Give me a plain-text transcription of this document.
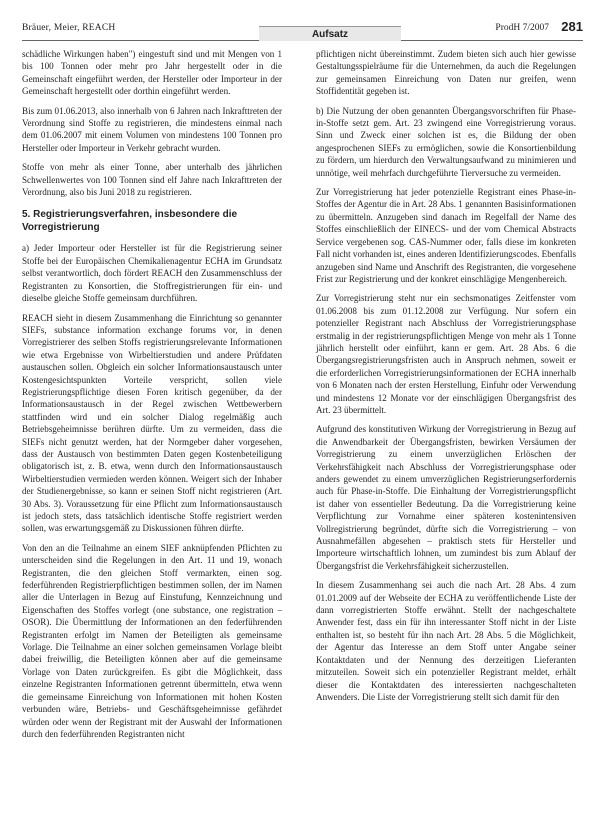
Bräuer, Meier, REACH
Aufsatz
ProdH 7/2007 281

schädliche Wirkungen haben") eingestuft sind und mit Mengen von 1 bis 100 Tonnen oder mehr pro Jahr hergestellt oder in die Gemeinschaft eingeführt werden, der Hersteller oder Importeur in der Gemeinschaft hergestellt oder dorthin eingeführt werden.

Bis zum 01.06.2013, also innerhalb von 6 Jahren nach Inkrafttreten der Verordnung sind Stoffe zu registrieren, die mindestens einmal nach dem 01.06.2007 mit einem Volumen von mindestens 100 Tonnen pro Hersteller oder Importeur in Verkehr gebracht wurden.

Stoffe von mehr als einer Tonne, aber unterhalb des jährlichen Schwellenwertes von 100 Tonnen sind elf Jahre nach Inkrafttreten der Verordnung, also bis Juni 2018 zu registrieren.

5. Registrierungsverfahren, insbesondere die Vorregistrierung

a) Jeder Importeur oder Hersteller ist für die Registrierung seiner Stoffe bei der Europäischen Chemikalienagentur ECHA im Grundsatz selbst verantwortlich, doch fördert REACH den Zusammenschluss der Registranten zu Konsortien, die Stoffregistrierungen für ein- und dieselbe gleiche Stoffe gemeinsam durchführen.

REACH sieht in diesem Zusammenhang die Einrichtung so genannter SIEFs, substance information exchange forums vor, in denen Vorregistrierer des selben Stoffs registrierungsrelevante Informationen wie etwa Ergebnisse von Wirbeltierstudien und andere Prüfdaten austauschen sollen. Obgleich ein solcher Informationsaustausch unter Kostengesichtspunkten Vorteile verspricht, sollen viele Registrierungspflichtige diesen Foren kritisch gegenüber, da der Informationsaustausch in der Regel zwischen Wettbewerbern stattfinden wird und ein solcher Dialog regelmäßig auch Betriebsgeheimnisse berühren dürfte. Um zu vermeiden, dass die SIEFs nicht genutzt werden, hat der Normgeber daher vorgesehen, dass der Austausch von bestimmten Daten gegen Kostenbeteiligung obligatorisch ist, z. B. etwa, wenn durch den Informationsaustausch Wirbeltierstudien vermieden werden können. Weigert sich der Inhaber der Studienergebnisse, so kann er seinen Stoff nicht registrieren (Art. 30 Abs. 3). Voraussetzung für eine Pflicht zum Informationsaustausch ist jedoch stets, dass tatsächlich identische Stoffe registriert werden sollen, was erwartungsgemäß zu Diskussionen führen dürfte.

Von den an die Teilnahme an einem SIEF anknüpfenden Pflichten zu unterscheiden sind die Regelungen in den Art. 11 und 19, wonach Registranten, die den gleichen Stoff vermarkten, einen sog. federführenden Registrierpflichtigen bestimmen sollen, der im Namen aller die Unterlagen in Bezug auf Einstufung, Kennzeichnung und Eigenschaften des Stoffes vorlegt (one substance, one registration – OSOR). Die Übermittlung der Informationen an den federführenden Registranten erfolgt im Namen der Beteiligten als gemeinsame Vorlage. Die Teilnahme an einer solchen gemeinsamen Vorlage bleibt dabei freiwillig, die Beteiligten können aber auf die gemeinsame Vorlage von Daten zurückgreifen. Es gibt die Möglichkeit, dass einzelne Registranten Informationen getrennt übermitteln, etwa wenn die gemeinsame Einreichung von Informationen mit hohen Kosten verbunden wäre, Betriebs- und Geschäftsgeheimnisse gefährdet würden oder wenn der Registrant mit der Auswahl der Informationen durch den federführenden Registranten nicht

pflichtigen nicht übereinstimmt. Zudem bieten sich auch hier gewisse Gestaltungsspielräume für die Unternehmen, da auch die Regelungen zur gemeinsamen Einreichung von Daten nur greifen, wenn Stoffidentität gegeben ist.

b) Die Nutzung der oben genannten Übergangsvorschriften für Phase-in-Stoffe setzt gem. Art. 23 zwingend eine Vorregistrierung voraus. Sinn und Zweck einer solchen ist es, die Bildung der oben angesprochenen SIEFs zu ermöglichen, sowie die Konsortienbildung zu fördern, um hierdurch den Verwaltungsaufwand zu minimieren und unnötige, weil mehrfach durchgeführte Tierversuche zu vermeiden.

Zur Vorregistrierung hat jeder potenzielle Registrant eines Phase-in-Stoffes der Agentur die in Art. 28 Abs. 1 genannten Basisinformationen zu übermitteln. Anzugeben sind danach im Regelfall der Name des Stoffes einschließlich der EINECS- und der vom Chemical Abstracts Service vergebenen sog. CAS-Nummer oder, falls diese im konkreten Fall nicht vorhanden ist, eines anderen Identifizierungscodes. Ebenfalls anzugeben sind Name und Anschrift des Registranten, die vorgesehene Frist zur Registrierung und der konkret einschlägige Mengenbereich.

Zur Vorregistrierung steht nur ein sechsmonatiges Zeitfenster vom 01.06.2008 bis zum 01.12.2008 zur Verfügung. Nur sofern ein potenzieller Registrant nach Abschluss der Vorregistrierungsphase erstmalig in der registrierungspflichtigen Menge von mehr als 1 Tonne jährlich herstellt oder einführt, kann er gem. Art. 28 Abs. 6 die Übergangsregistrierungsfristen auch in Anspruch nehmen, soweit er die erforderlichen Vorregistrierungsinformationen der ECHA innerhalb von 6 Monaten nach der ersten Herstellung, Einfuhr oder Verwendung und mindestens 12 Monate vor der einschlägigen Übergangsfrist des Art. 23 übermittelt.

Aufgrund des konstitutiven Wirkung der Vorregistrierung in Bezug auf die Anwendbarkeit der Übergangsfristen, bewirken Versäumen der Vorregistrierung zu einem unverzüglichen Erlöschen der Verkehrsfähigkeit nach Abschluss der Vorregistrierungsphase oder anders gewendet zu einem umverzüglichen Registrierungserfordernis auch für Phase-in-Stoffe. Die Einhaltung der Vorregistrierungspflicht ist daher von essentieller Bedeutung. Da die Vorregistrierung keine Verpflichtung zur Vornahme einer späteren kostenintensiven Vollregistrierung begründet, dürfte sich die Vorregistrierung – von Ausnahmefällen abgesehen – praktisch stets für Hersteller und Importeure wirtschaftlich lohnen, um zumindest bis zum Ablauf der Übergangsfrist die Verkehrsfähigkeit sicherzustellen.

In diesem Zusammenhang sei auch die nach Art. 28 Abs. 4 zum 01.01.2009 auf der Webseite der ECHA zu veröffentlichende Liste der dann vorregistrierten Stoffe erwähnt. Stellt der nachgeschaltete Anwender fest, dass ein für ihn interessanter Stoff nicht in der Liste enthalten ist, so besteht für ihn nach Art. 28 Abs. 5 die Möglichkeit, der Agentur das Interesse an dem Stoff unter Angabe seiner Kontaktdaten und der Nennung des derzeitigen Lieferanten mitzuteilen. Soweit sich ein potenzieller Registrant meldet, erhält dieser die Kontaktdaten des interessierten nachgeschalteten Anwenders. Die Liste der Vorregistrierung stellt sich damit für den
